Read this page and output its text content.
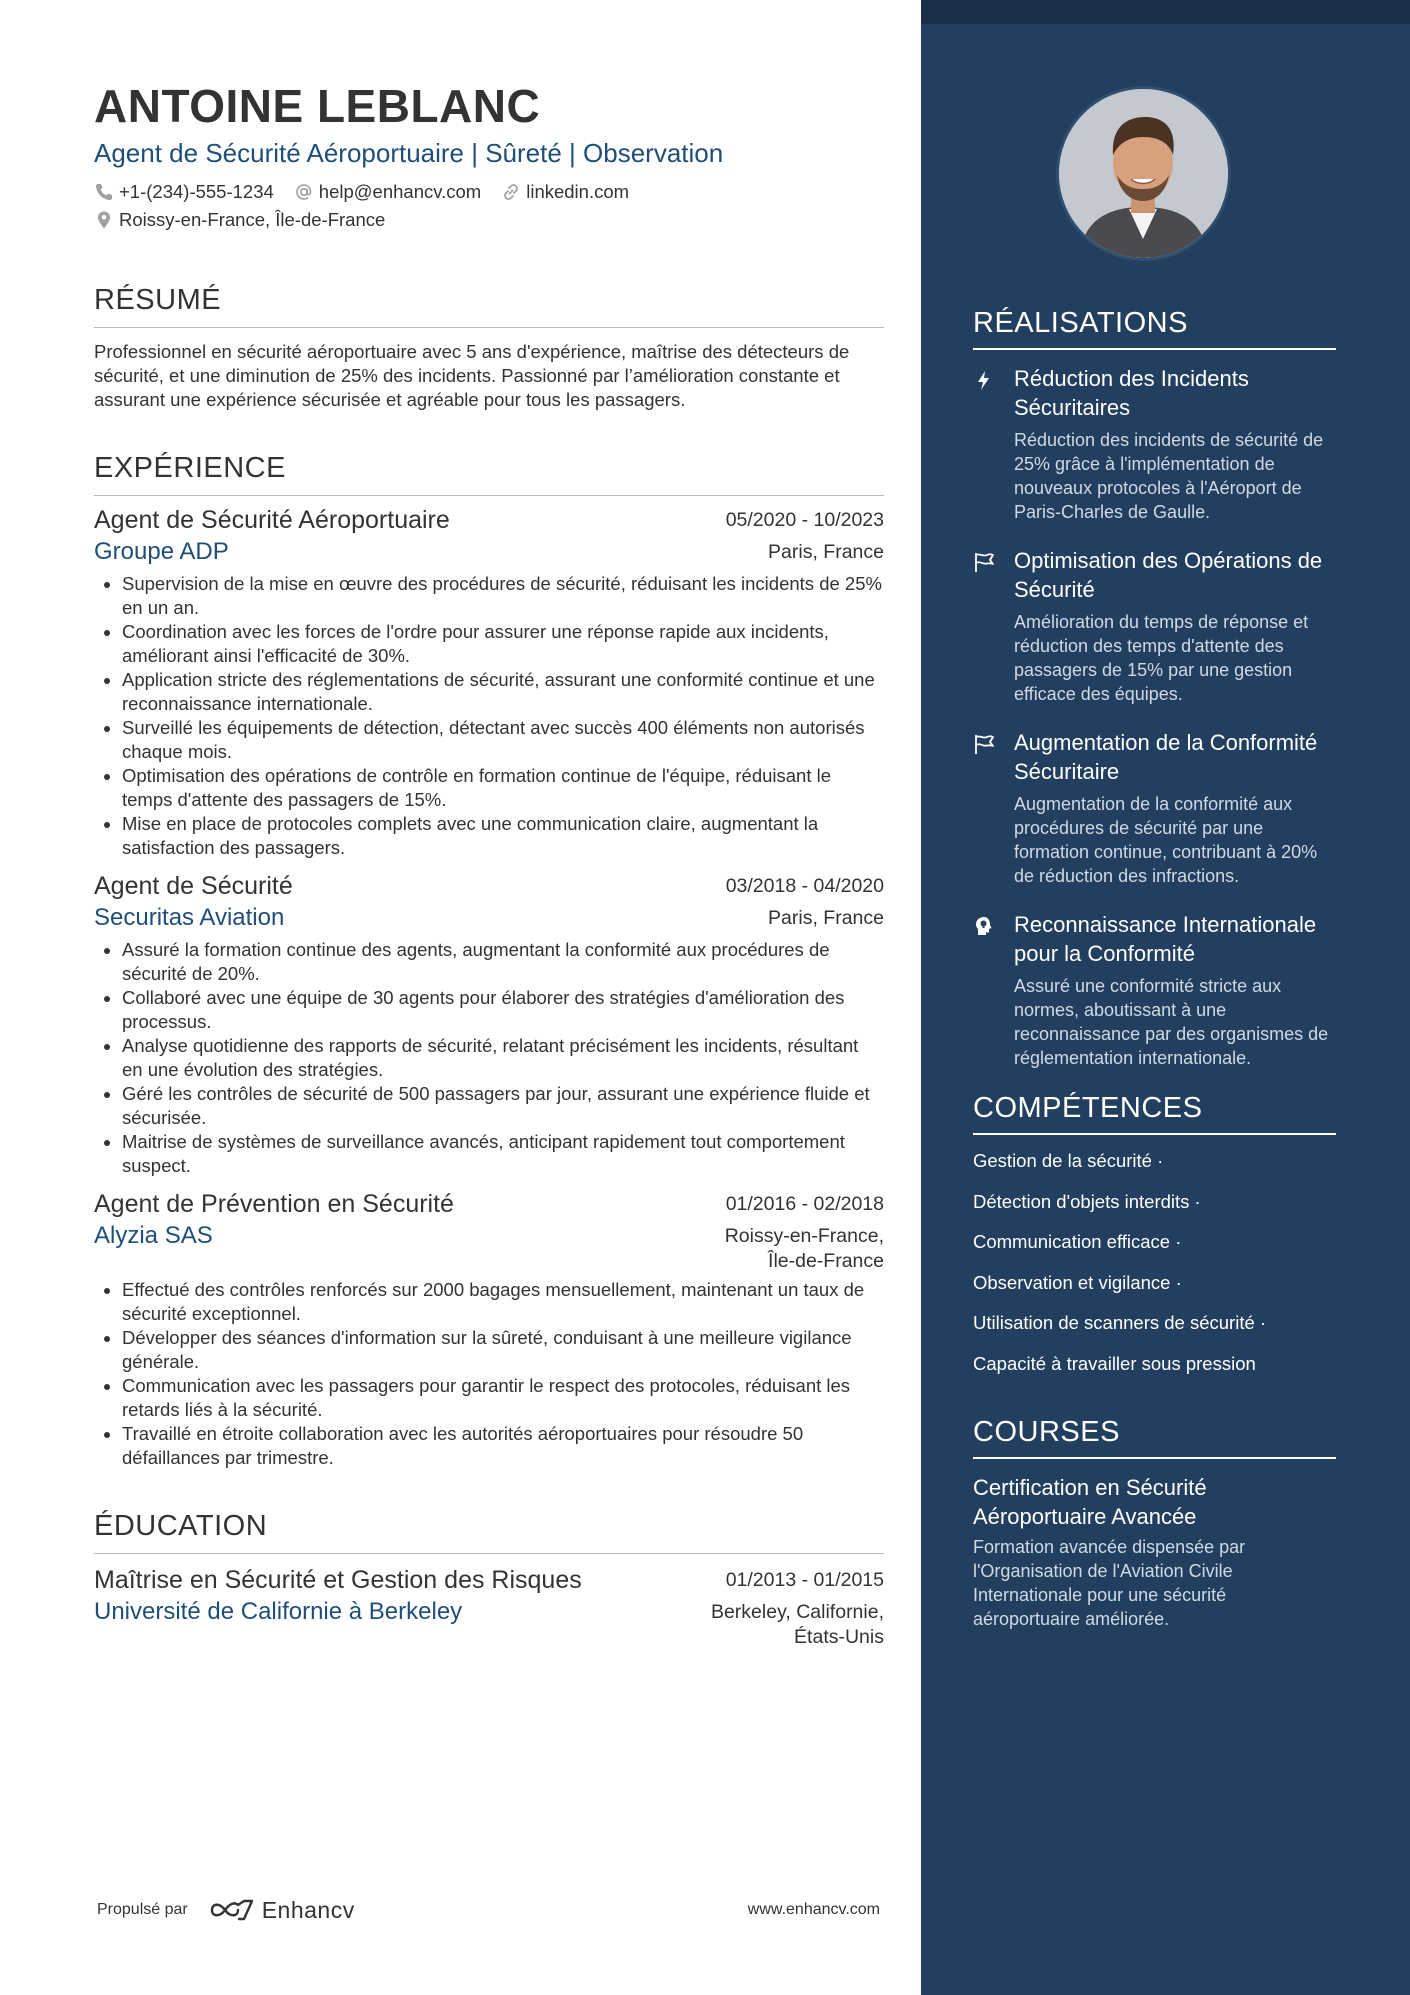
ANTOINE LEBLANC
Agent de Sécurité Aéroportuaire | Sûreté | Observation
+1-(234)-555-1234 help@enhancv.com linkedin.com
Roissy-en-France, Île-de-France
RÉSUMÉ
Professionnel en sécurité aéroportuaire avec 5 ans d'expérience, maîtrise des détecteurs de sécurité, et une diminution de 25% des incidents. Passionné par l’amélioration constante et assurant une expérience sécurisée et agréable pour tous les passagers.
EXPÉRIENCE
Agent de Sécurité Aéroportuaire	05/2020 - 10/2023
Groupe ADP	Paris, France
• Supervision de la mise en œuvre des procédures de sécurité, réduisant les incidents de 25% en un an.
• Coordination avec les forces de l'ordre pour assurer une réponse rapide aux incidents, améliorant ainsi l'efficacité de 30%.
• Application stricte des réglementations de sécurité, assurant une conformité continue et une reconnaissance internationale.
• Surveillé les équipements de détection, détectant avec succès 400 éléments non autorisés chaque mois.
• Optimisation des opérations de contrôle en formation continue de l'équipe, réduisant le temps d'attente des passagers de 15%.
• Mise en place de protocoles complets avec une communication claire, augmentant la satisfaction des passagers.
Agent de Sécurité	03/2018 - 04/2020
Securitas Aviation	Paris, France
• Assuré la formation continue des agents, augmentant la conformité aux procédures de sécurité de 20%.
• Collaboré avec une équipe de 30 agents pour élaborer des stratégies d'amélioration des processus.
• Analyse quotidienne des rapports de sécurité, relatant précisément les incidents, résultant en une évolution des stratégies.
• Géré les contrôles de sécurité de 500 passagers par jour, assurant une expérience fluide et sécurisée.
• Maitrise de systèmes de surveillance avancés, anticipant rapidement tout comportement suspect.
Agent de Prévention en Sécurité	01/2016 - 02/2018
Alyzia SAS	Roissy-en-France,
Île-de-France
• Effectué des contrôles renforcés sur 2000 bagages mensuellement, maintenant un taux de sécurité exceptionnel.
• Développer des séances d'information sur la sûreté, conduisant à une meilleure vigilance générale.
• Communication avec les passagers pour garantir le respect des protocoles, réduisant les retards liés à la sécurité.
• Travaillé en étroite collaboration avec les autorités aéroportuaires pour résoudre 50 défaillances par trimestre.
ÉDUCATION
Maîtrise en Sécurité et Gestion des Risques	01/2013 - 01/2015
Université de Californie à Berkeley	Berkeley, Californie,
États-Unis
Propulsé par	Enhancv	www.enhancv.com
RÉALISATIONS
Réduction des Incidents Sécuritaires
Réduction des incidents de sécurité de 25% grâce à l'implémentation de nouveaux protocoles à l'Aéroport de Paris-Charles de Gaulle.
Optimisation des Opérations de Sécurité
Amélioration du temps de réponse et réduction des temps d'attente des passagers de 15% par une gestion efficace des équipes.
Augmentation de la Conformité Sécuritaire
Augmentation de la conformité aux procédures de sécurité par une formation continue, contribuant à 20% de réduction des infractions.
Reconnaissance Internationale pour la Conformité
Assuré une conformité stricte aux normes, aboutissant à une reconnaissance par des organismes de réglementation internationale.
COMPÉTENCES
Gestion de la sécurité ·
Détection d'objets interdits ·
Communication efficace ·
Observation et vigilance ·
Utilisation de scanners de sécurité ·
Capacité à travailler sous pression
COURSES
Certification en Sécurité Aéroportuaire Avancée
Formation avancée dispensée par l'Organisation de l'Aviation Civile Internationale pour une sécurité aéroportuaire améliorée.
